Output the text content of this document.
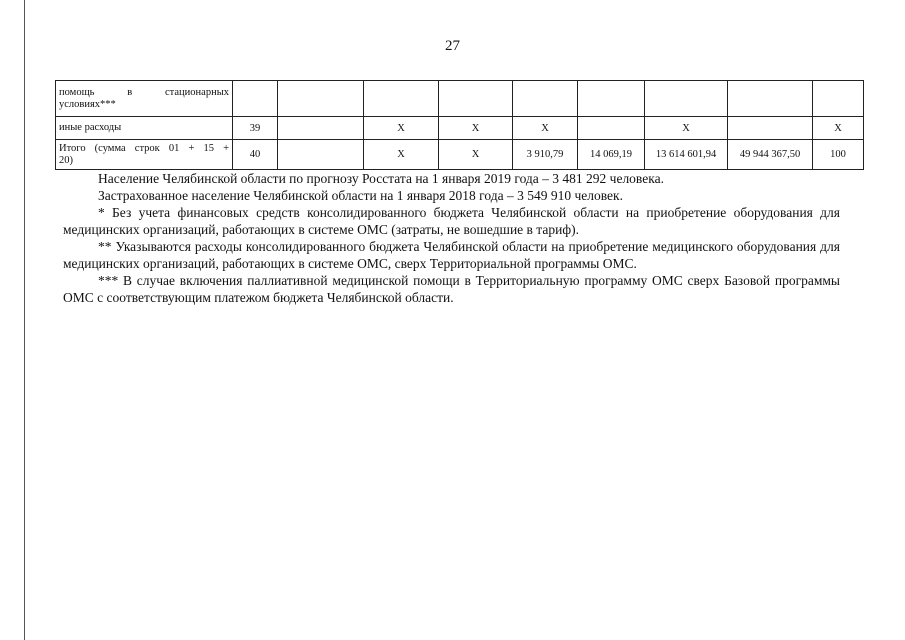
27
помощь в стационарных
условиях***									
иные расходы	39		Х	Х	Х		Х		Х

Итого (сумма строк 01 + 15 +
20)	40		Х	Х	3 910,79	14 069,19	13 614 601,94	49 944 367,50	100

Население Челябинской области по прогнозу Росстата на 1 января 2019 года – 3 481 292 человека.

Застрахованное население Челябинской области на 1 января 2018 года – 3 549 910 человек.

* Без учета финансовых средств консолидированного бюджета Челябинской области на приобретение оборудования для медицинских организаций, работающих в системе ОМС (затраты, не вошедшие в тариф).

** Указываются расходы консолидированного бюджета Челябинской области на приобретение медицинского оборудования для медицинских организаций, работающих в системе ОМС, сверх Территориальной программы ОМС.

*** В случае включения паллиативной медицинской помощи в Территориальную программу ОМС сверх Базовой программы ОМС с соответствующим платежом бюджета Челябинской области.
